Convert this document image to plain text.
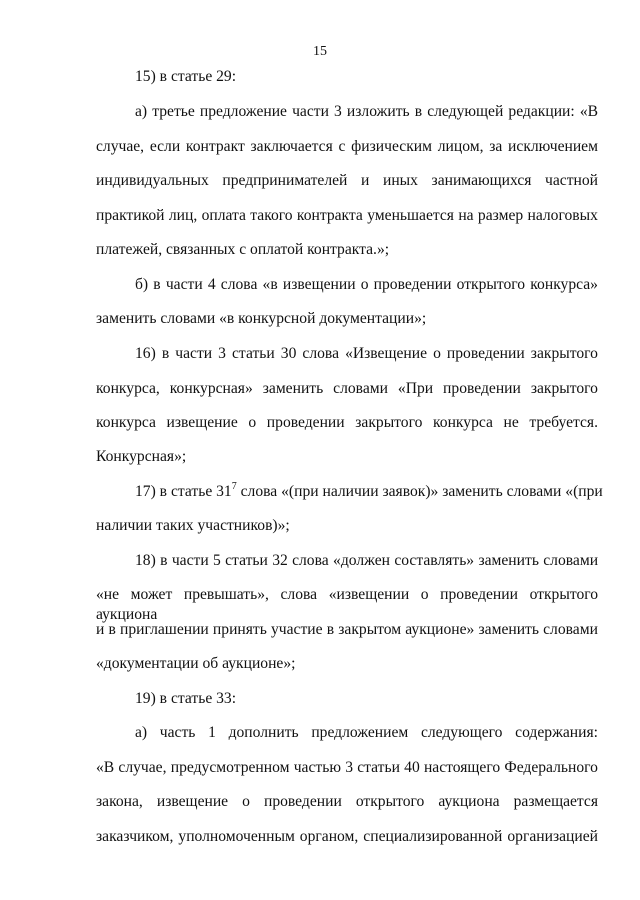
15
15) в статье 29:
а) третье предложение части 3 изложить в следующей редакции: «В
случае, если контракт заключается с физическим лицом, за исключением
индивидуальных предпринимателей и иных занимающихся частной
практикой лиц, оплата такого контракта уменьшается на размер налоговых
платежей, связанных с оплатой контракта.»;
б) в части 4 слова «в извещении о проведении открытого конкурса»
заменить словами «в конкурсной документации»;
16) в части 3 статьи 30 слова «Извещение о проведении закрытого
конкурса, конкурсная» заменить словами «При проведении закрытого
конкурса извещение о проведении закрытого конкурса не требуется.
Конкурсная»;
17) в статье $31^7$ слова «(при наличии заявок)» заменить словами «(при
наличии таких участников)»;
18) в части 5 статьи 32 слова «должен составлять» заменить словами
«не может превышать», слова «извещении о проведении открытого аукциона
и в приглашении принять участие в закрытом аукционе» заменить словами
«документации об аукционе»;
19) в статье 33:
а) часть 1 дополнить предложением следующего содержания:
«В случае, предусмотренном частью 3 статьи 40 настоящего Федерального
закона, извещение о проведении открытого аукциона размещается
заказчиком, уполномоченным органом, специализированной организацией
